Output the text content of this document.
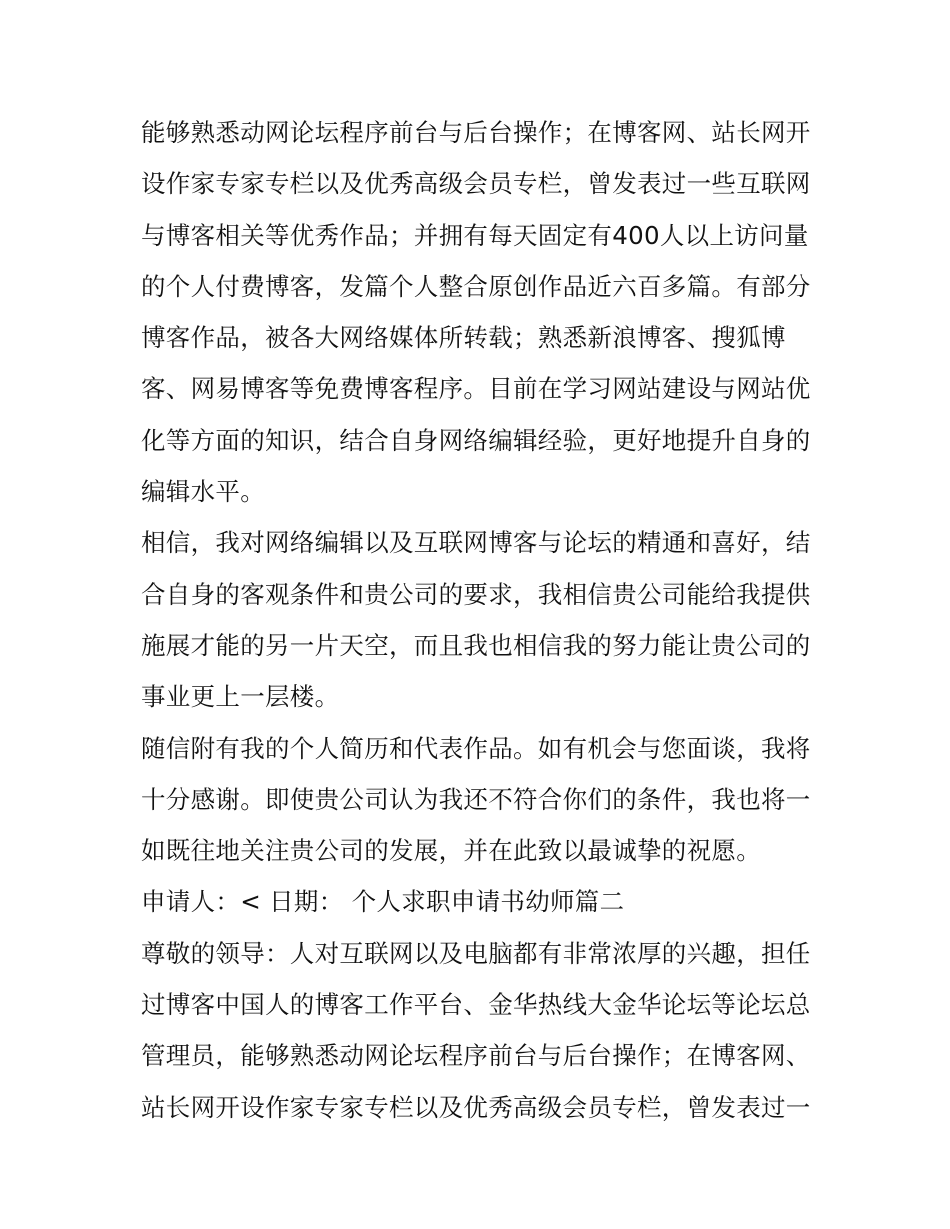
能够熟悉动网论坛程序前台与后台操作；在博客网、站长网开
设作家专家专栏以及优秀高级会员专栏，曾发表过一些互联网
与博客相关等优秀作品；并拥有每天固定有400人以上访问量
的个人付费博客，发篇个人整合原创作品近六百多篇。有部分
博客作品，被各大网络媒体所转载；熟悉新浪博客、搜狐博
客、网易博客等免费博客程序。目前在学习网站建设与网站优
化等方面的知识，结合自身网络编辑经验，更好地提升自身的
编辑水平。
相信，我对网络编辑以及互联网博客与论坛的精通和喜好，结
合自身的客观条件和贵公司的要求，我相信贵公司能给我提供
施展才能的另一片天空，而且我也相信我的努力能让贵公司的
事业更上一层楼。
随信附有我的个人简历和代表作品。如有机会与您面谈，我将
十分感谢。即使贵公司认为我还不符合你们的条件，我也将一
如既往地关注贵公司的发展，并在此致以最诚挚的祝愿。
申请人：< 日期： 个人求职申请书幼师篇二
尊敬的领导：人对互联网以及电脑都有非常浓厚的兴趣，担任
过博客中国人的博客工作平台、金华热线大金华论坛等论坛总
管理员，能够熟悉动网论坛程序前台与后台操作；在博客网、
站长网开设作家专家专栏以及优秀高级会员专栏，曾发表过一
